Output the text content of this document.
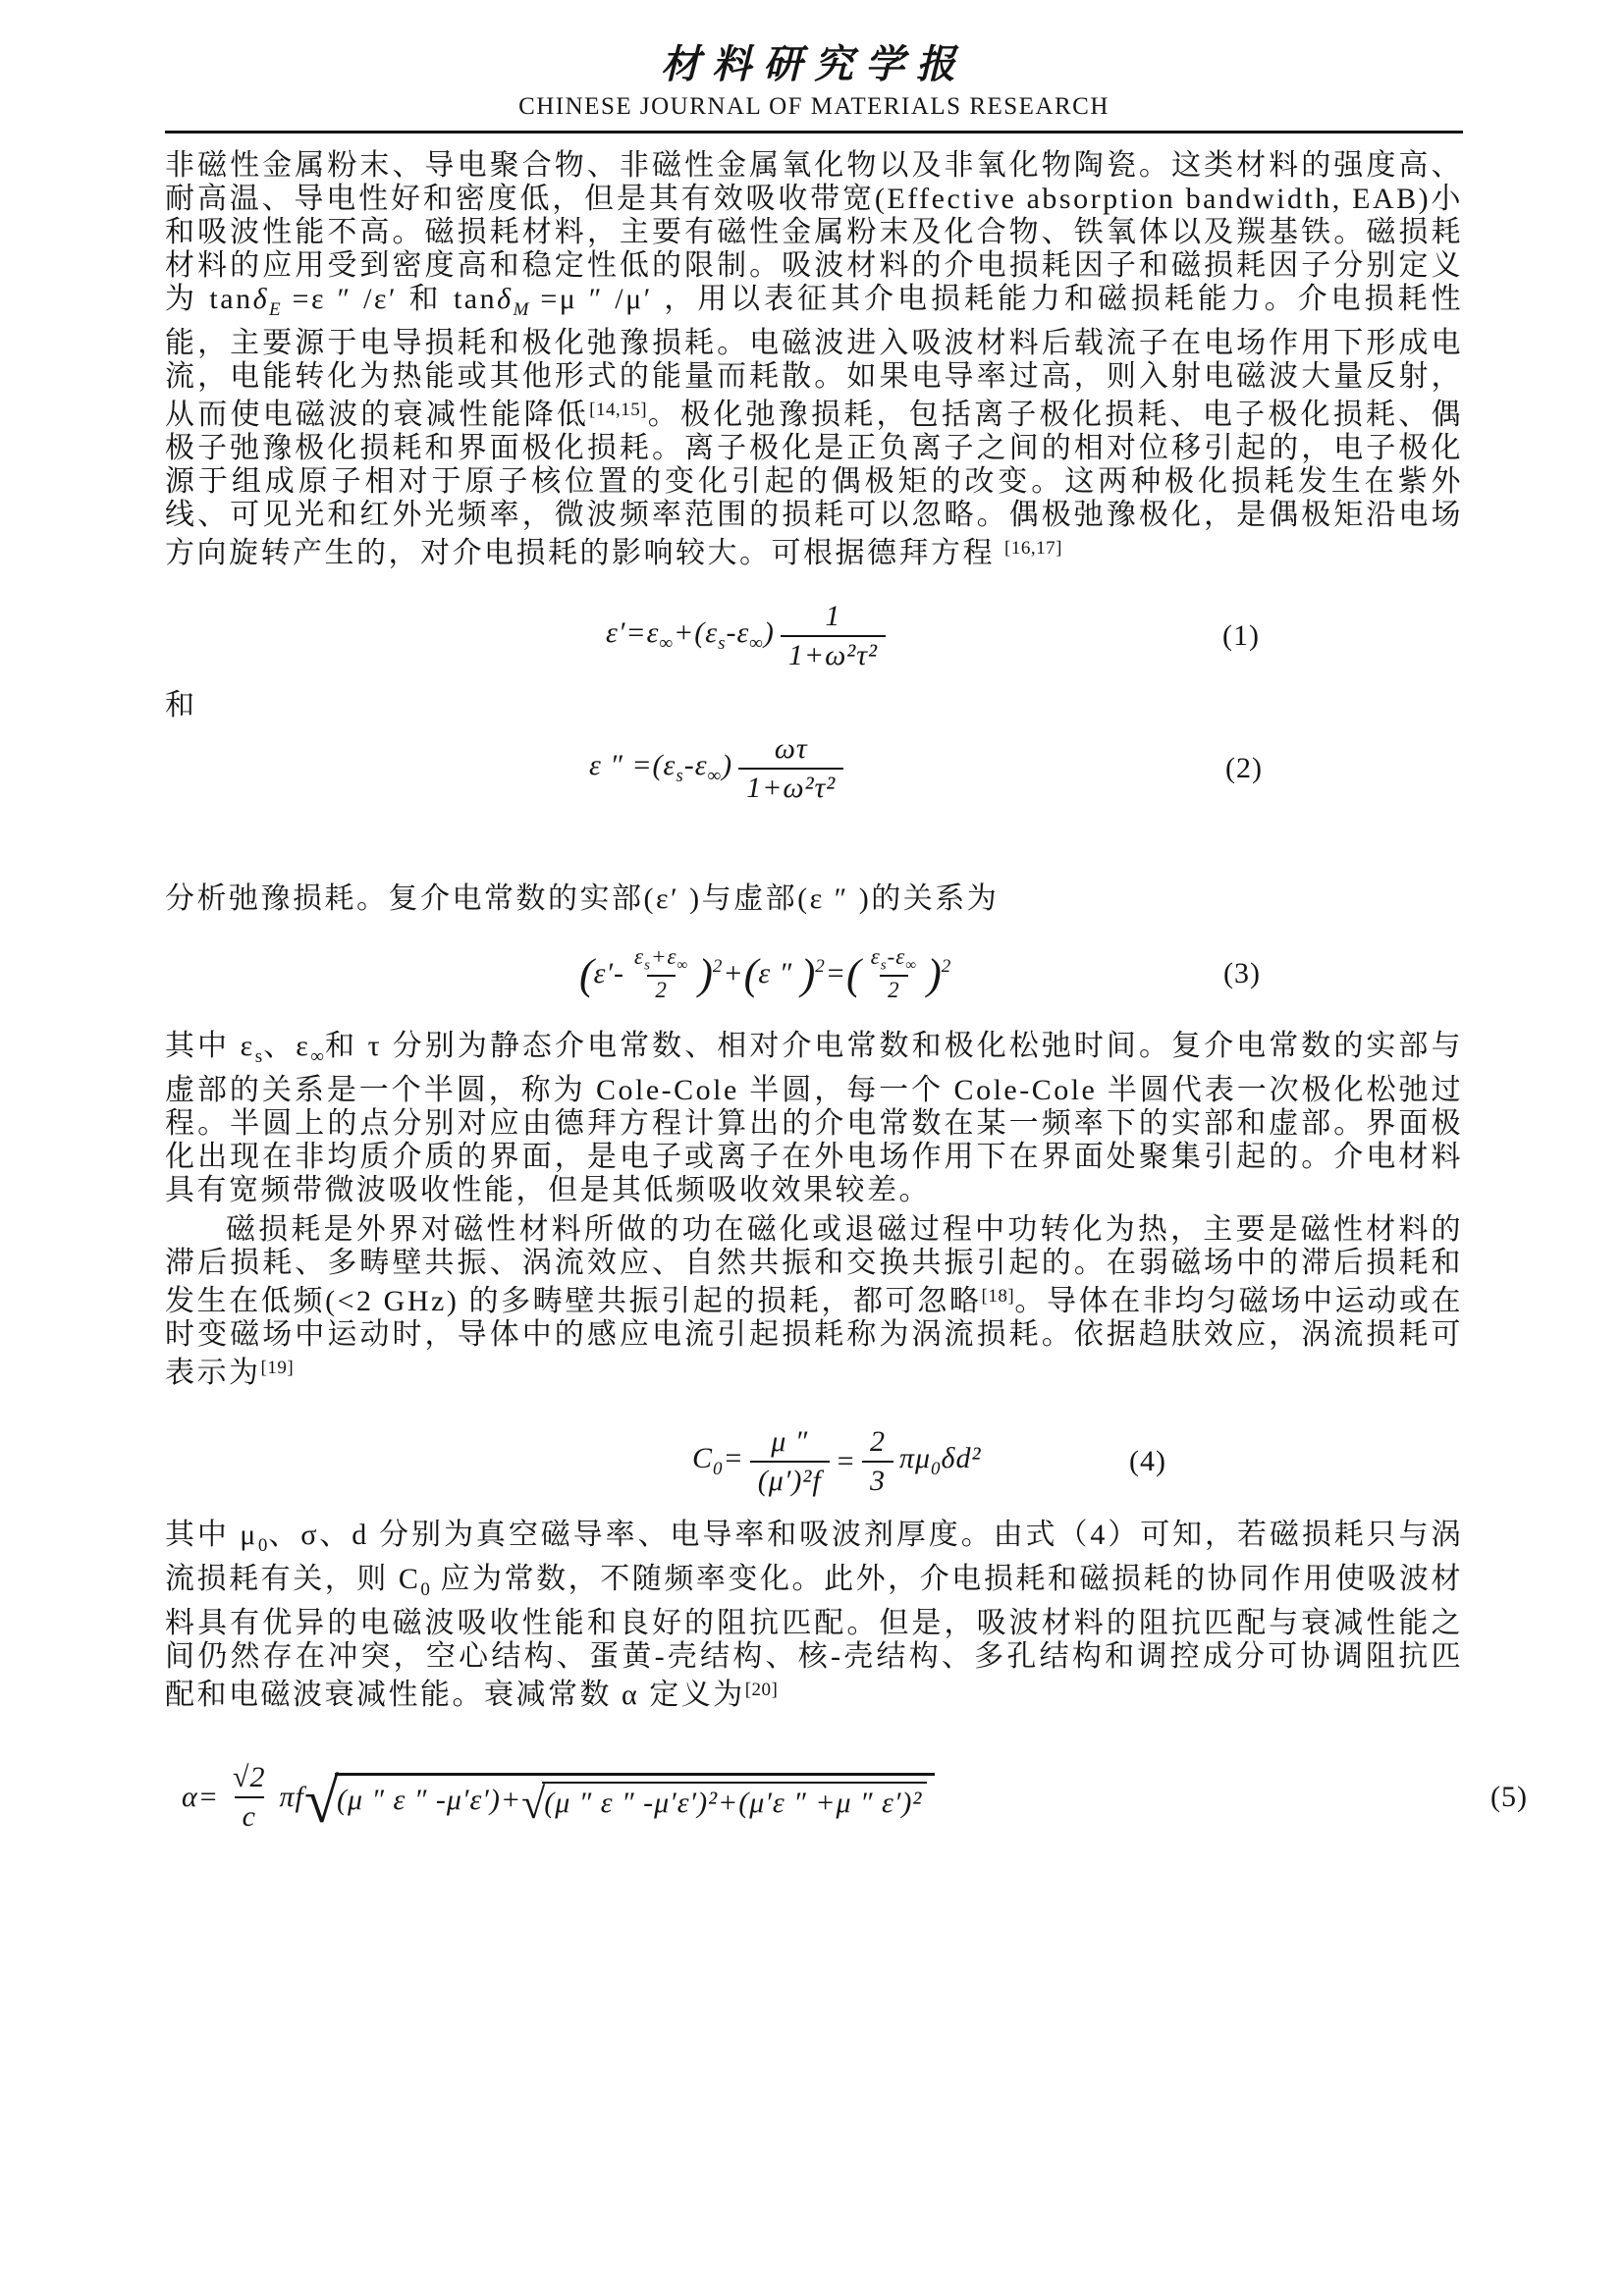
材料研究学报
CHINESE JOURNAL OF MATERIALS RESEARCH

非磁性金属粉末、导电聚合物、非磁性金属氧化物以及非氧化物陶瓷。这类材料的强度高、耐高温、导电性好和密度低，但是其有效吸收带宽(Effective absorption bandwidth, EAB)小和吸波性能不高。磁损耗材料，主要有磁性金属粉末及化合物、铁氧体以及羰基铁。磁损耗材料的应用受到密度高和稳定性低的限制。吸波材料的介电损耗因子和磁损耗因子分别定义为 tanδ$_E$ =ε ″ /ε′ 和 tanδ$_M$ =μ ″ /μ′ ，用以表征其介电损耗能力和磁损耗能力。介电损耗性能，主要源于电导损耗和极化弛豫损耗。电磁波进入吸波材料后载流子在电场作用下形成电流，电能转化为热能或其他形式的能量而耗散。如果电导率过高，则入射电磁波大量反射，从而使电磁波的衰减性能降低[14,15]。极化弛豫损耗，包括离子极化损耗、电子极化损耗、偶极子弛豫极化损耗和界面极化损耗。离子极化是正负离子之间的相对位移引起的，电子极化源于组成原子相对于原子核位置的变化引起的偶极矩的改变。这两种极化损耗发生在紫外线、可见光和红外光频率，微波频率范围的损耗可以忽略。偶极弛豫极化，是偶极矩沿电场方向旋转产生的，对介电损耗的影响较大。可根据德拜方程 [16,17]

$\varepsilon'=\varepsilon_\infty+(\varepsilon_s-\varepsilon_\infty) \frac{1}{\text{1+ω²τ²}}$	(1)

和

ε ″ $=(\varepsilon_s-\varepsilon_\infty) \frac{\omega\tau}{\text{1+ω²τ²}}$	(2)

分析弛豫损耗。复介电常数的实部(ε′ )与虚部(ε ″ )的关系为

$(\varepsilon'- \frac{\varepsilon_s+\varepsilon_\infty}{2} )^2+(\varepsilon$ ″ )$^2=( \frac{\varepsilon_s-\varepsilon_\infty}{2} )^2$	(3)

其中 $\varepsilon_s$、$\varepsilon_\infty$和 τ 分别为静态介电常数、相对介电常数和极化松弛时间。复介电常数的实部与虚部的关系是一个半圆，称为 Cole-Cole 半圆，每一个 Cole-Cole 半圆代表一次极化松弛过程。半圆上的点分别对应由德拜方程计算出的介电常数在某一频率下的实部和虚部。界面极化出现在非均质介质的界面，是电子或离子在外电场作用下在界面处聚集引起的。介电材料具有宽频带微波吸收性能，但是其低频吸收效果较差。

磁损耗是外界对磁性材料所做的功在磁化或退磁过程中功转化为热，主要是磁性材料的滞后损耗、多畴壁共振、涡流效应、自然共振和交换共振引起的。在弱磁场中的滞后损耗和发生在低频(<2 GHz) 的多畴壁共振引起的损耗，都可忽略[18]。导体在非均匀磁场中运动或在时变磁场中运动时，导体中的感应电流引起损耗称为涡流损耗。依据趋肤效应，涡流损耗可表示为[19]

$C_0= \frac{\mu ''}{\text{(μ′)²f}} = \frac{2}{3} \pi\mu_0\delta d^2$	(4)

其中 $\mu_0$、σ、d 分别为真空磁导率、电导率和吸波剂厚度。由式（4）可知，若磁损耗只与涡流损耗有关，则 $C_0$ 应为常数，不随频率变化。此外，介电损耗和磁损耗的协同作用使吸波材料具有优异的电磁波吸收性能和良好的阻抗匹配。但是，吸波材料的阻抗匹配与衰减性能之间仍然存在冲突，空心结构、蛋黄-壳结构、核-壳结构、多孔结构和调控成分可协调阻抗匹配和电磁波衰减性能。衰减常数 α 定义为[20]

$\alpha= \frac{√2}{c}$ πf √
(μ ″ ε ″ -μ′ε′)+ √
(μ ″ ε ″ -μ′ε′)²+(μ′ε ″ +μ ″ ε′)²	(5)
